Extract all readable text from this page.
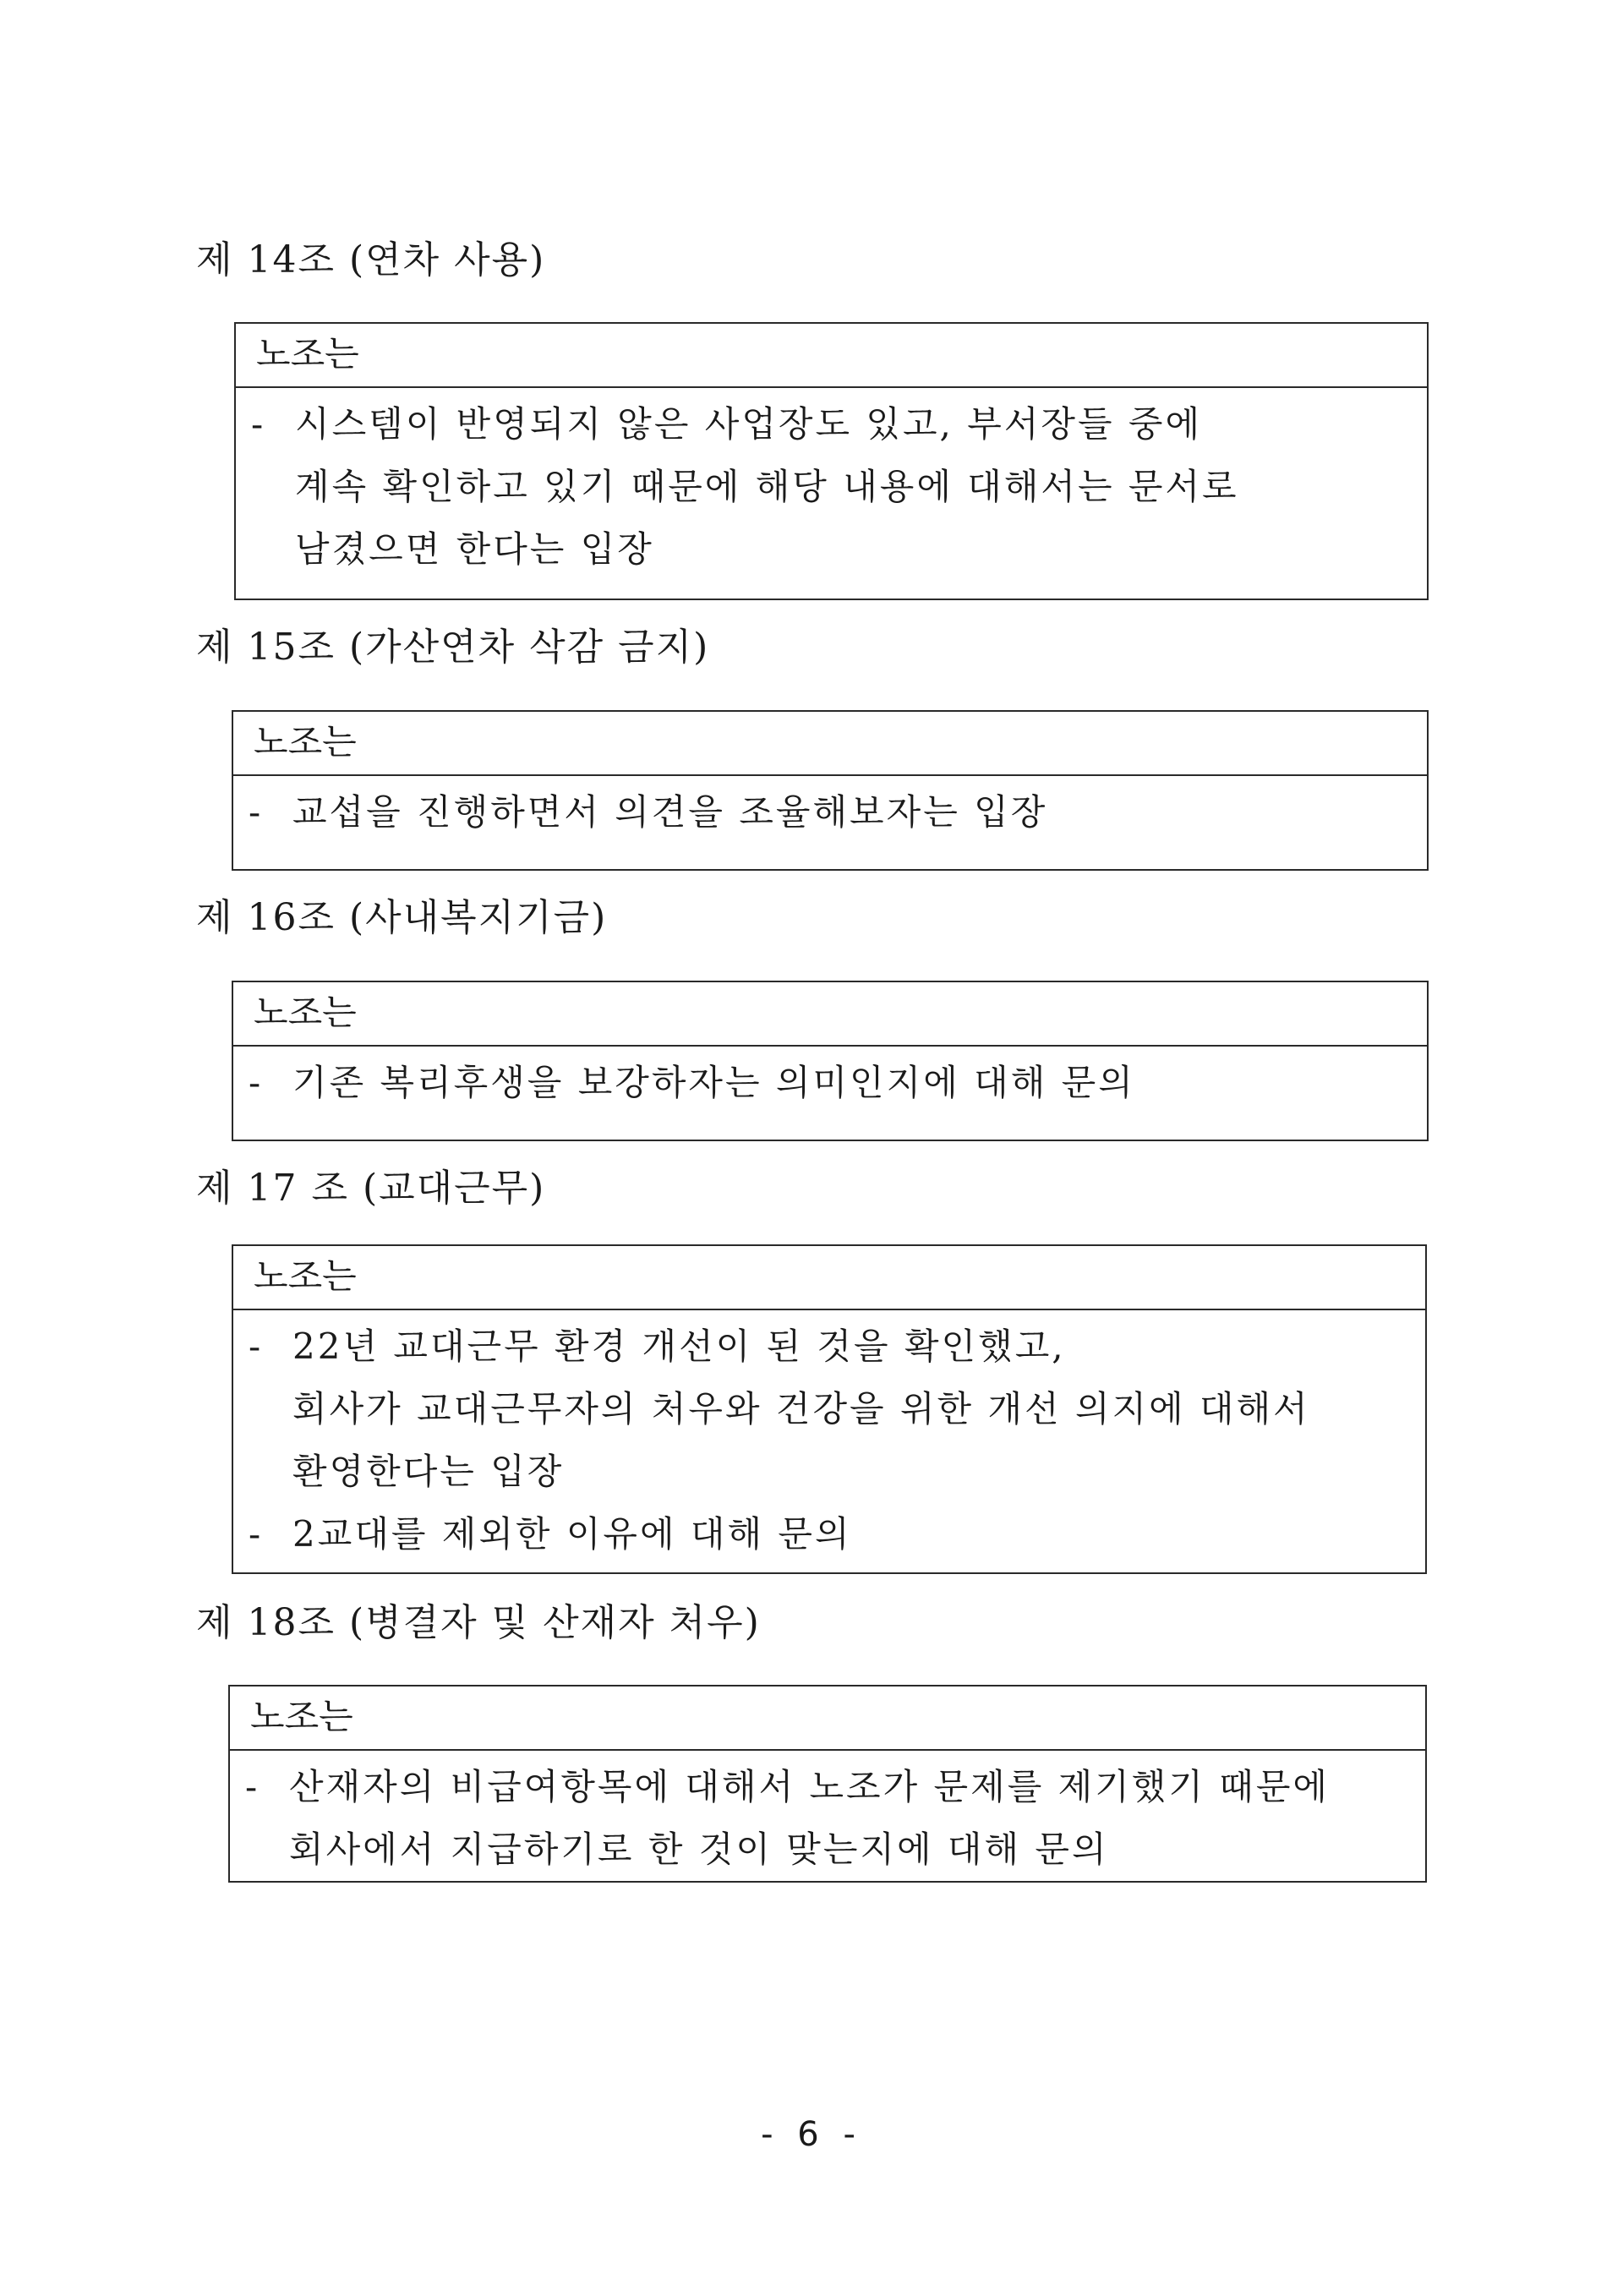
제 14조 (연차 사용)
노조는
- 시스템이 반영되지 않은 사업장도 있고, 부서장들 중에
계속 확인하고 있기 때문에 해당 내용에 대해서는 문서로
남겼으면 한다는 입장
제 15조 (가산연차 삭감 금지)
노조는
- 교섭을 진행하면서 의견을 조율해보자는 입장
제 16조 (사내복지기금)
노조는
- 기존 복리후생을 보강하자는 의미인지에 대해 문의
제 17 조 (교대근무)
노조는
- 22년 교대근무 환경 개선이 된 것을 확인했고,
회사가 교대근무자의 처우와 건강을 위한 개선 의지에 대해서
환영한다는 입장
- 2교대를 제외한 이유에 대해 문의
제 18조 (병결자 및 산재자 처우)
노조는
- 산재자의 비급여항목에 대해서 노조가 문제를 제기했기 때문에
회사에서 지급하기로 한 것이 맞는지에 대해 문의
- 6 -
